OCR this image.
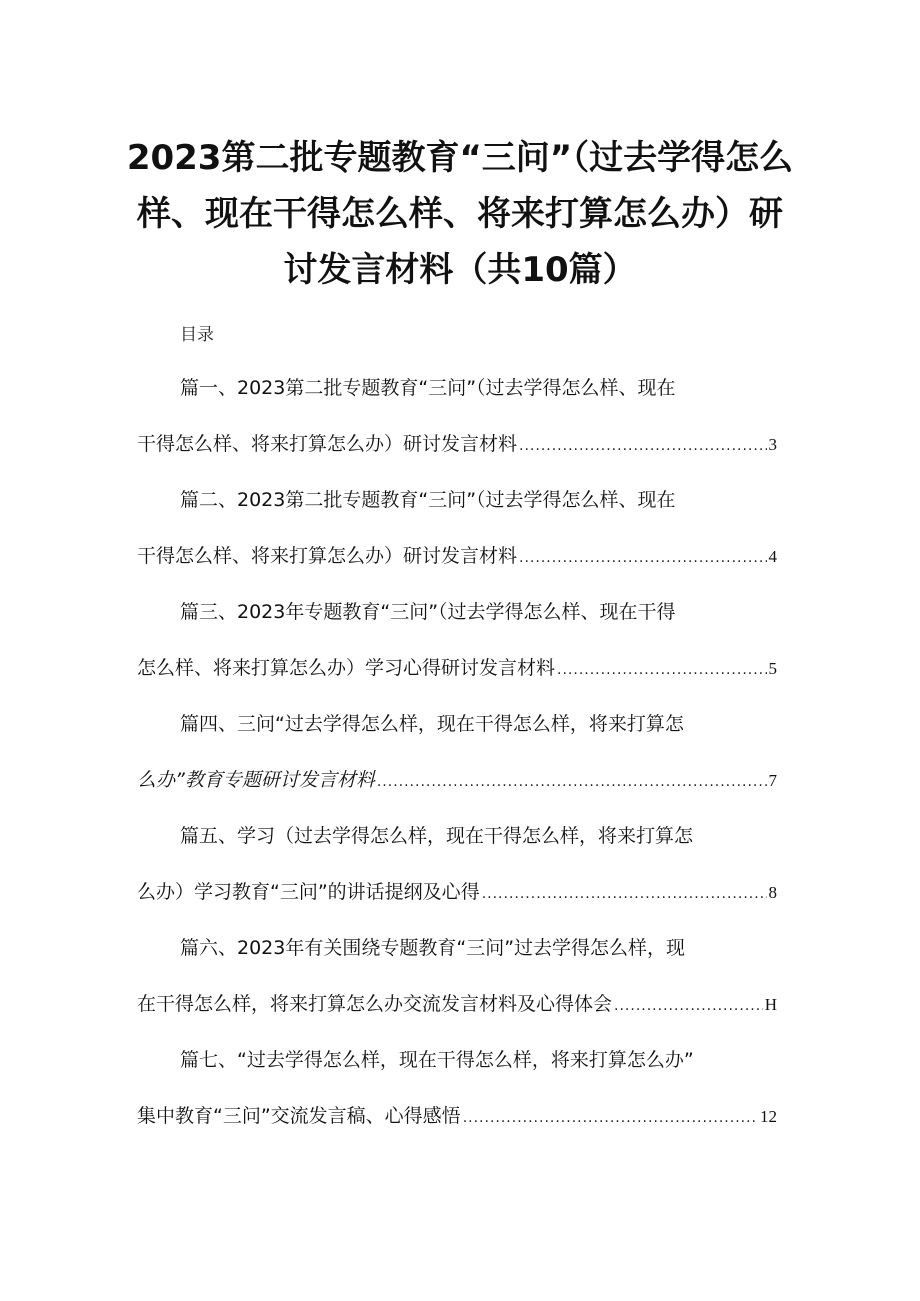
2023第二批专题教育“三问”（过去学得怎么
样、现在干得怎么样、将来打算怎么办）研
讨发言材料（共10篇）

目录

篇一、2023第二批专题教育“三问”（过去学得怎么样、现在
干得怎么样、将来打算怎么办）研讨发言材料 .....	3
篇二、2023第二批专题教育“三问”（过去学得怎么样、现在
干得怎么样、将来打算怎么办）研讨发言材料 .....	4
篇三、2023年专题教育“三问”（过去学得怎么样、现在干得
怎么样、将来打算怎么办）学习心得研讨发言材料 .....	5
篇四、三问“过去学得怎么样，现在干得怎么样，将来打算怎
么办”教育专题研讨发言材料 .....	7
篇五、学习（过去学得怎么样，现在干得怎么样，将来打算怎
么办）学习教育“三问”的讲话提纲及心得 .....	8
篇六、2023年有关围绕专题教育“三问”过去学得怎么样，现
在干得怎么样，将来打算怎么办交流发言材料及心得体会 .....	H
篇七、“过去学得怎么样，现在干得怎么样，将来打算怎么办”
集中教育“三问”交流发言稿、心得感悟 .....	12
